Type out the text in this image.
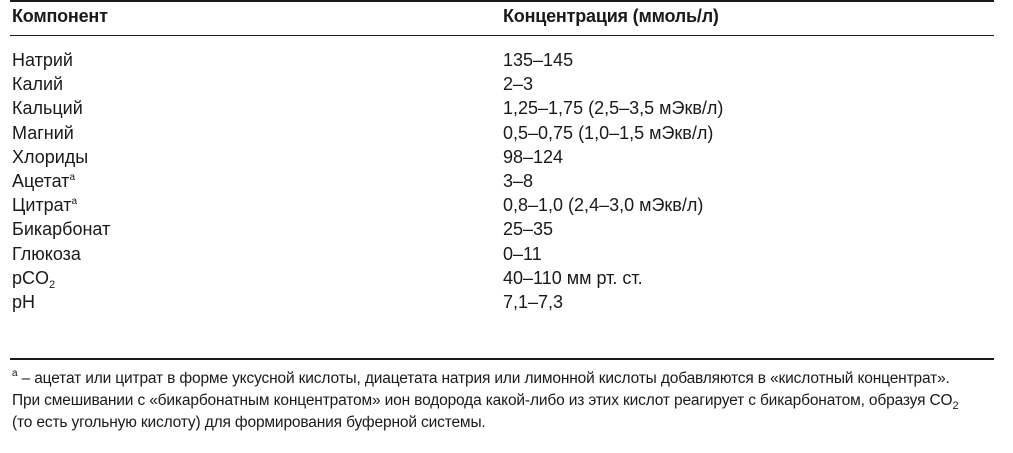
Компонент	Концентрация (ммоль/л)
Натрий	135–145
Калий	2–3
Кальций	1,25–1,75 (2,5–3,5 мЭкв/л)
Магний	0,5–0,75 (1,0–1,5 мЭкв/л)
Хлориды	98–124
Ацетат$^a$	3–8
Цитрат$^a$	0,8–1,0 (2,4–3,0 мЭкв/л)
Бикарбонат	25–35
Глюкоза	0–11
pCO$_2$	40–110 мм рт. ст.
pH	7,1–7,3
$^a$ – ацетат или цитрат в форме уксусной кислоты, диацетата натрия или лимонной кислоты добавляются в «кислотный концентрат».
При смешивании с «бикарбонатным концентратом» ион водорода какой-либо из этих кислот реагирует с бикарбонатом, образуя $CO_2$
(то есть угольную кислоту) для формирования буферной системы.
